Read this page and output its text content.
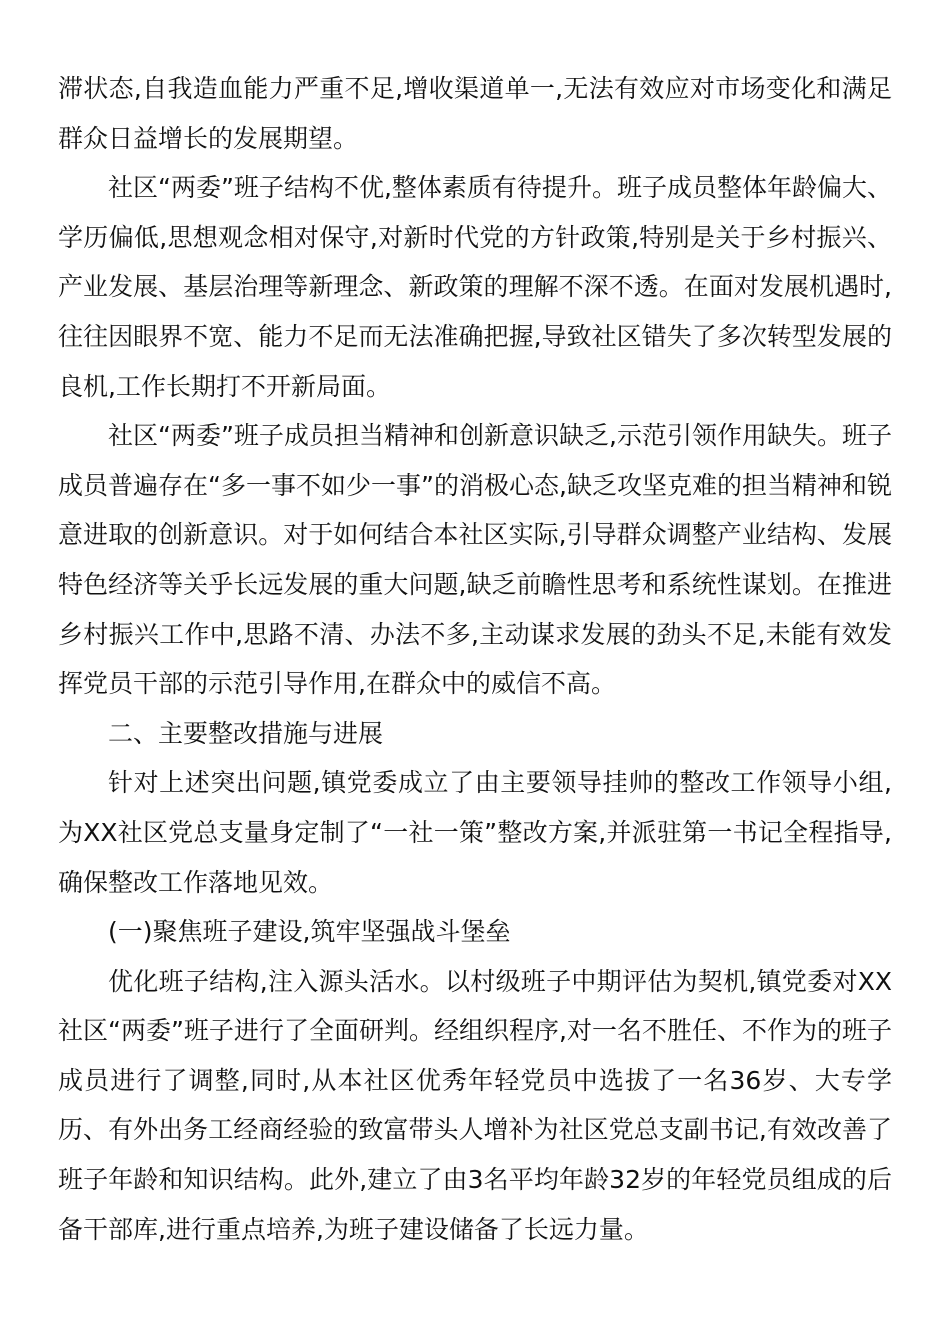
滞状态,自我造血能力严重不足,增收渠道单一,无法有效应对市场变化和满足群众日益增长的发展期望。

社区“两委”班子结构不优,整体素质有待提升。班子成员整体年龄偏大、学历偏低,思想观念相对保守,对新时代党的方针政策,特别是关于乡村振兴、产业发展、基层治理等新理念、新政策的理解不深不透。在面对发展机遇时,往往因眼界不宽、能力不足而无法准确把握,导致社区错失了多次转型发展的良机,工作长期打不开新局面。

社区“两委”班子成员担当精神和创新意识缺乏,示范引领作用缺失。班子成员普遍存在“多一事不如少一事”的消极心态,缺乏攻坚克难的担当精神和锐意进取的创新意识。对于如何结合本社区实际,引导群众调整产业结构、发展特色经济等关乎长远发展的重大问题,缺乏前瞻性思考和系统性谋划。在推进乡村振兴工作中,思路不清、办法不多,主动谋求发展的劲头不足,未能有效发挥党员干部的示范引导作用,在群众中的威信不高。

二、主要整改措施与进展

针对上述突出问题,镇党委成立了由主要领导挂帅的整改工作领导小组,为XX社区党总支量身定制了“一社一策”整改方案,并派驻第一书记全程指导,确保整改工作落地见效。

(一)聚焦班子建设,筑牢坚强战斗堡垒

优化班子结构,注入源头活水。以村级班子中期评估为契机,镇党委对XX社区“两委”班子进行了全面研判。经组织程序,对一名不胜任、不作为的班子成员进行了调整,同时,从本社区优秀年轻党员中选拔了一名36岁、大专学历、有外出务工经商经验的致富带头人增补为社区党总支副书记,有效改善了班子年龄和知识结构。此外,建立了由3名平均年龄32岁的年轻党员组成的后备干部库,进行重点培养,为班子建设储备了长远力量。
